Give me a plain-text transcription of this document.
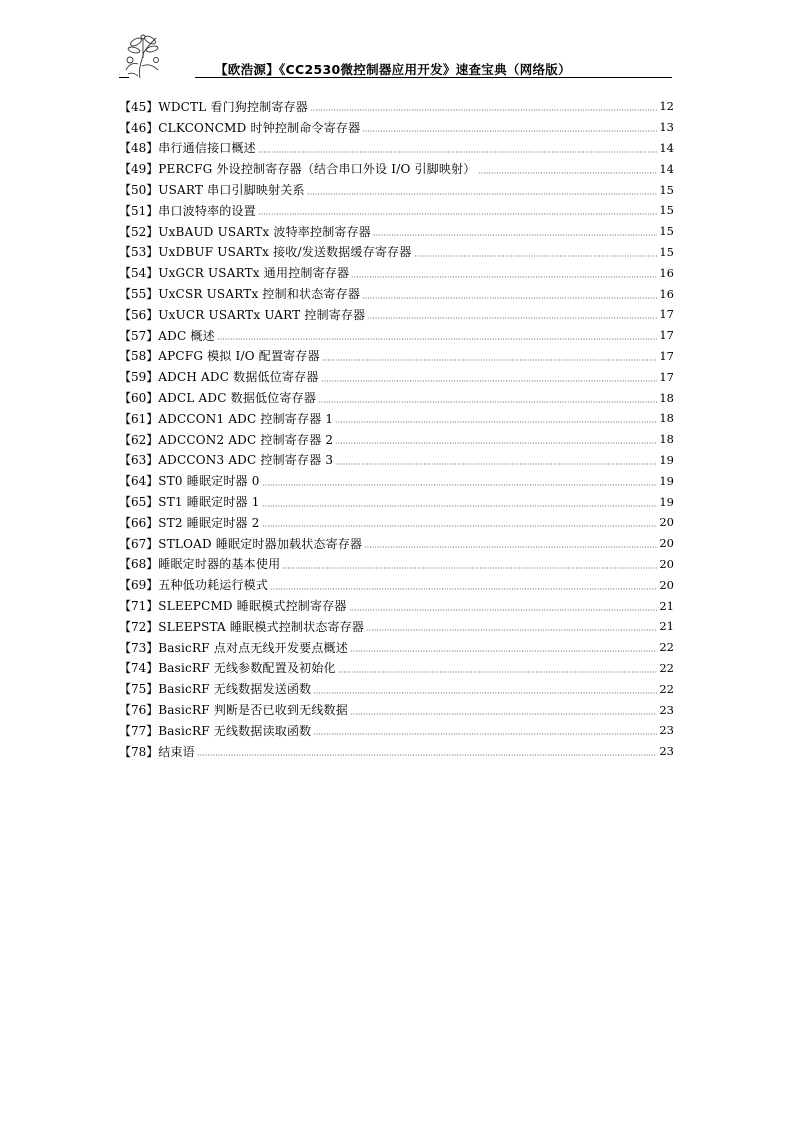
【欧浩源】《CC2530微控制器应用开发》速查宝典（网络版）
【45】 WDCTL 看门狗控制寄存器	12
【46】 CLKCONCMD 时钟控制命令寄存器	13
【48】 串行通信接口概述	14
【49】 PERCFG 外设控制寄存器（结合串口外设 I/O 引脚映射）	14
【50】 USART 串口引脚映射关系	15
【51】 串口波特率的设置	15
【52】 UxBAUD USARTx 波特率控制寄存器	15
【53】 UxDBUF USARTx 接收/发送数据缓存寄存器	15
【54】 UxGCR USARTx 通用控制寄存器	16
【55】 UxCSR USARTx 控制和状态寄存器	16
【56】 UxUCR USARTx UART 控制寄存器	17
【57】 ADC 概述	17
【58】 APCFG 模拟 I/O 配置寄存器	17
【59】 ADCH ADC 数据低位寄存器	17
【60】 ADCL ADC 数据低位寄存器	18
【61】 ADCCON1 ADC 控制寄存器 1	18
【62】 ADCCON2 ADC 控制寄存器 2	18
【63】 ADCCON3 ADC 控制寄存器 3	19
【64】 ST0 睡眠定时器 0	19
【65】 ST1 睡眠定时器 1	19
【66】 ST2 睡眠定时器 2	20
【67】 STLOAD 睡眠定时器加载状态寄存器	20
【68】 睡眠定时器的基本使用	20
【69】 五种低功耗运行模式	20
【71】 SLEEPCMD 睡眠模式控制寄存器	21
【72】 SLEEPSTA 睡眠模式控制状态寄存器	21
【73】 BasicRF 点对点无线开发要点概述	22
【74】 BasicRF 无线参数配置及初始化	22
【75】 BasicRF 无线数据发送函数	22
【76】 BasicRF 判断是否已收到无线数据	23
【77】 BasicRF 无线数据读取函数	23
【78】 结束语	23
